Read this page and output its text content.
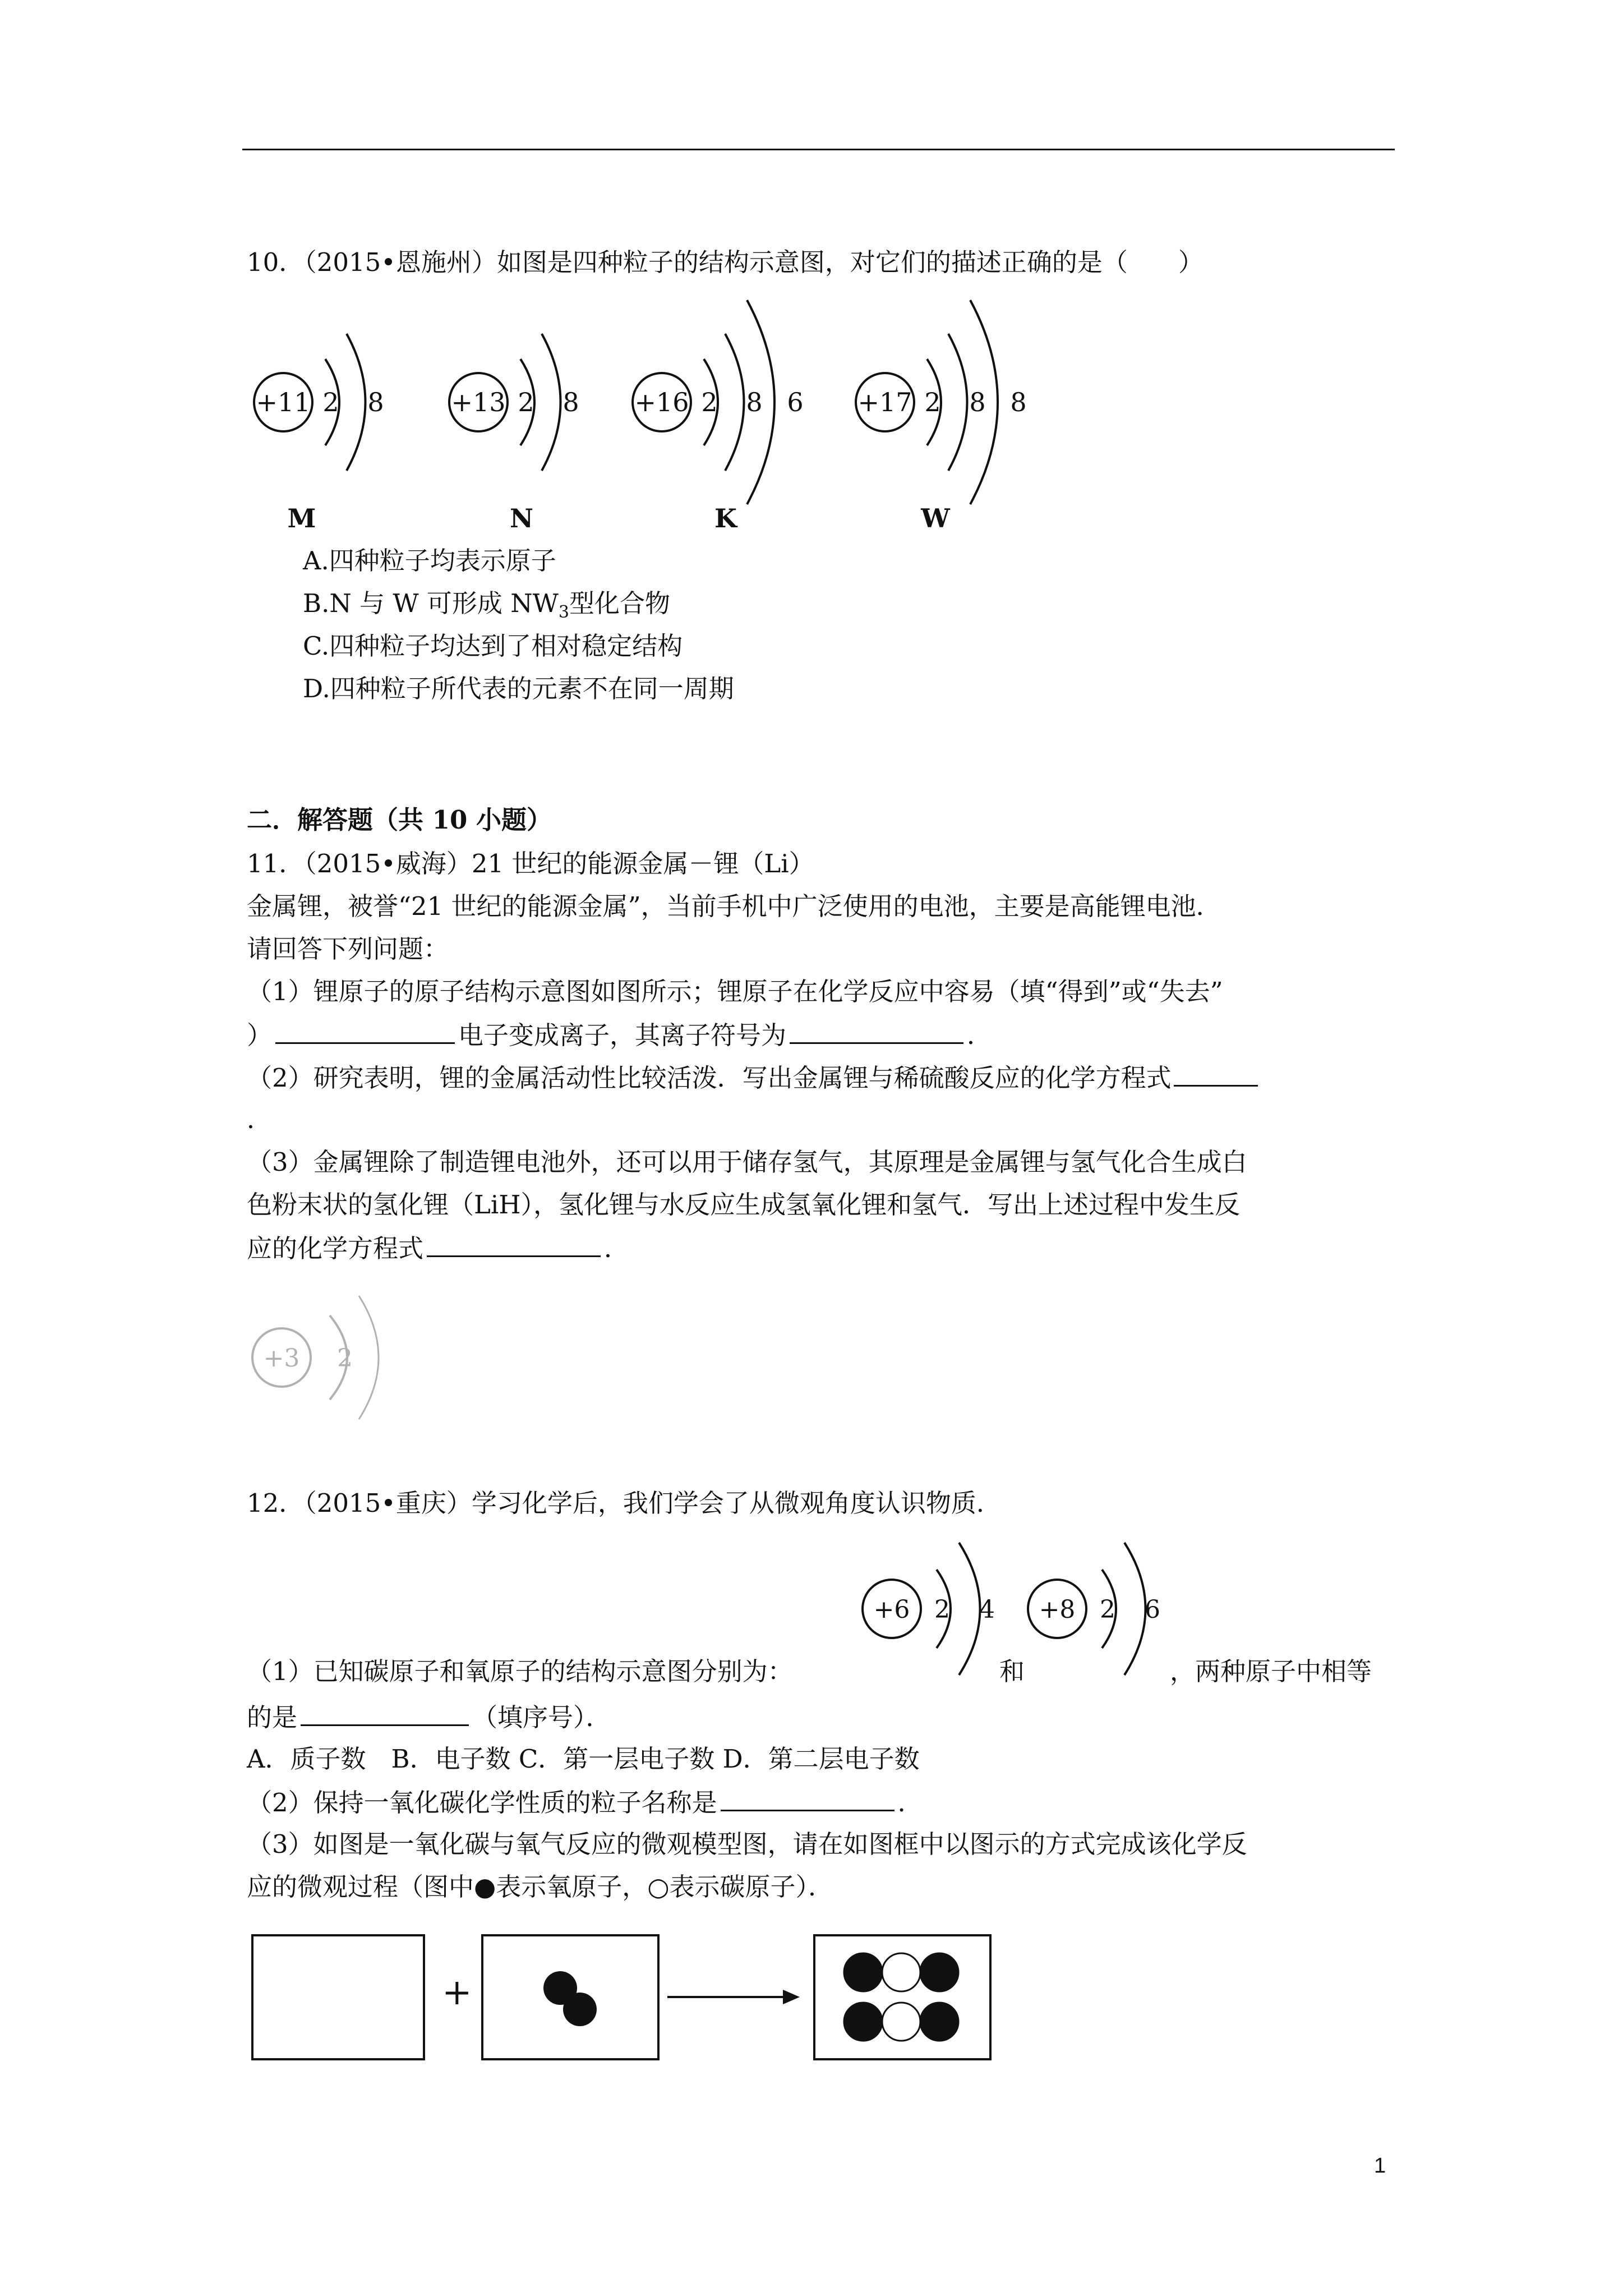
10．（2015•恩施州）如图是四种粒子的结构示意图，对它们的描述正确的是（　　）
+11 2 8	+13 2 8 +16 2 8 6 +17 2 8 8
M	N	K	W
A.四种粒子均表示原子
B.N 与 W 可形成 $NW_3$型化合物
C.四种粒子均达到了相对稳定结构
D.四种粒子所代表的元素不在同一周期
二．解答题（共 10 小题）
11．（2015•威海）21 世纪的能源金属－锂（Li）
金属锂，被誉“21 世纪的能源金属”，当前手机中广泛使用的电池，主要是高能锂电池．
请回答下列问题：
（1）锂原子的原子结构示意图如图所示；锂原子在化学反应中容易（填“得到”或“失去”
）	电子变成离子，其离子符号为	．
（2）研究表明，锂的金属活动性比较活泼．写出金属锂与稀硫酸反应的化学方程式
．
（3）金属锂除了制造锂电池外，还可以用于储存氢气，其原理是金属锂与氢气化合生成白
色粉末状的氢化锂（LiH），氢化锂与水反应生成氢氧化锂和氢气．写出上述过程中发生反
应的化学方程式	．
+3 2
12．（2015•重庆）学习化学后，我们学会了从微观角度认识物质．
+6 2 4 +8 2 6
（1）已知碳原子和氧原子的结构示意图分别为：	和	，两种原子中相等
的是	（填序号）．
A．质子数　B．电子数 C．第一层电子数 D．第二层电子数
（2）保持一氧化碳化学性质的粒子名称是	．
（3）如图是一氧化碳与氧气反应的微观模型图，请在如图框中以图示的方式完成该化学反
应的微观过程（图中●表示氧原子，○表示碳原子）．
+
1
